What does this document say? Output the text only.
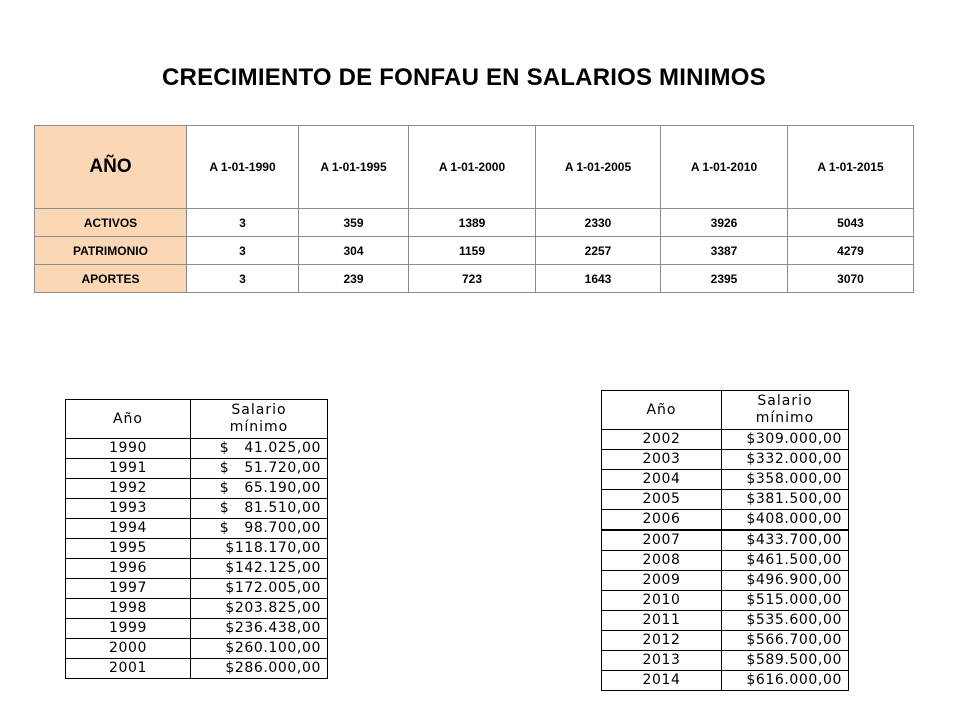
CRECIMIENTO DE FONFAU EN SALARIOS MINIMOS
AÑO	A 1-01-1990	A 1-01-1995	A 1-01-2000	A 1-01-2005	A 1-01-2010	A 1-01-2015
ACTIVOS	3	359	1389	2330	3926	5043
PATRIMONIO	3	304	1159	2257	3387	4279
APORTES	3	239	723	1643	2395	3070
Año	Salario
mínimo
1990	$   41.025,00
1991	$   51.720,00
1992	$   65.190,00
1993	$   81.510,00
1994	$   98.700,00
1995	$118.170,00
1996	$142.125,00
1997	$172.005,00
1998	$203.825,00
1999	$236.438,00
2000	$260.100,00
2001	$286.000,00
Año	Salario
mínimo
2002	$309.000,00
2003	$332.000,00
2004	$358.000,00
2005	$381.500,00
2006	$408.000,00
2007	$433.700,00
2008	$461.500,00
2009	$496.900,00
2010	$515.000,00
2011	$535.600,00
2012	$566.700,00
2013	$589.500,00
2014	$616.000,00
